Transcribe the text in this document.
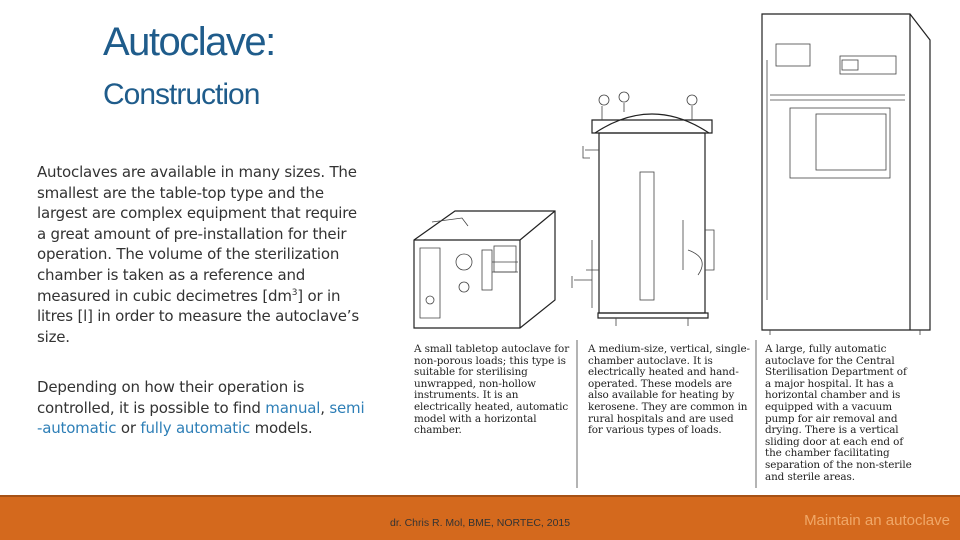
Autoclave:
Construction
Autoclaves are available in many sizes. The smallest are the table-top type and the largest are complex equipment that require a great amount of pre-installation for their operation. The volume of the sterilization chamber is taken as a reference and measured in cubic decimetres $[dm^3]$ or in litres [l] in order to measure the autoclave’s size.
Depending on how their operation is controlled, it is possible to find manual, semi -automatic or fully automatic models.
A small tabletop autoclave for non-porous loads; this type is suitable for sterilising unwrapped, non-hollow instruments. It is an electrically heated, automatic model with a horizontal chamber.
A medium-size, vertical, single-chamber autoclave. It is electrically heated and hand-operated. These models are also available for heating by kerosene. They are common in rural hospitals and are used for various types of loads.
A large, fully automatic autoclave for the Central Sterilisation Department of a major hospital. It has a horizontal chamber and is equipped with a vacuum pump for air removal and drying. There is a vertical sliding door at each end of the chamber facilitating separation of the non-sterile and sterile areas.
dr. Chris R. Mol, BME, NORTEC, 2015	Maintain an autoclave
